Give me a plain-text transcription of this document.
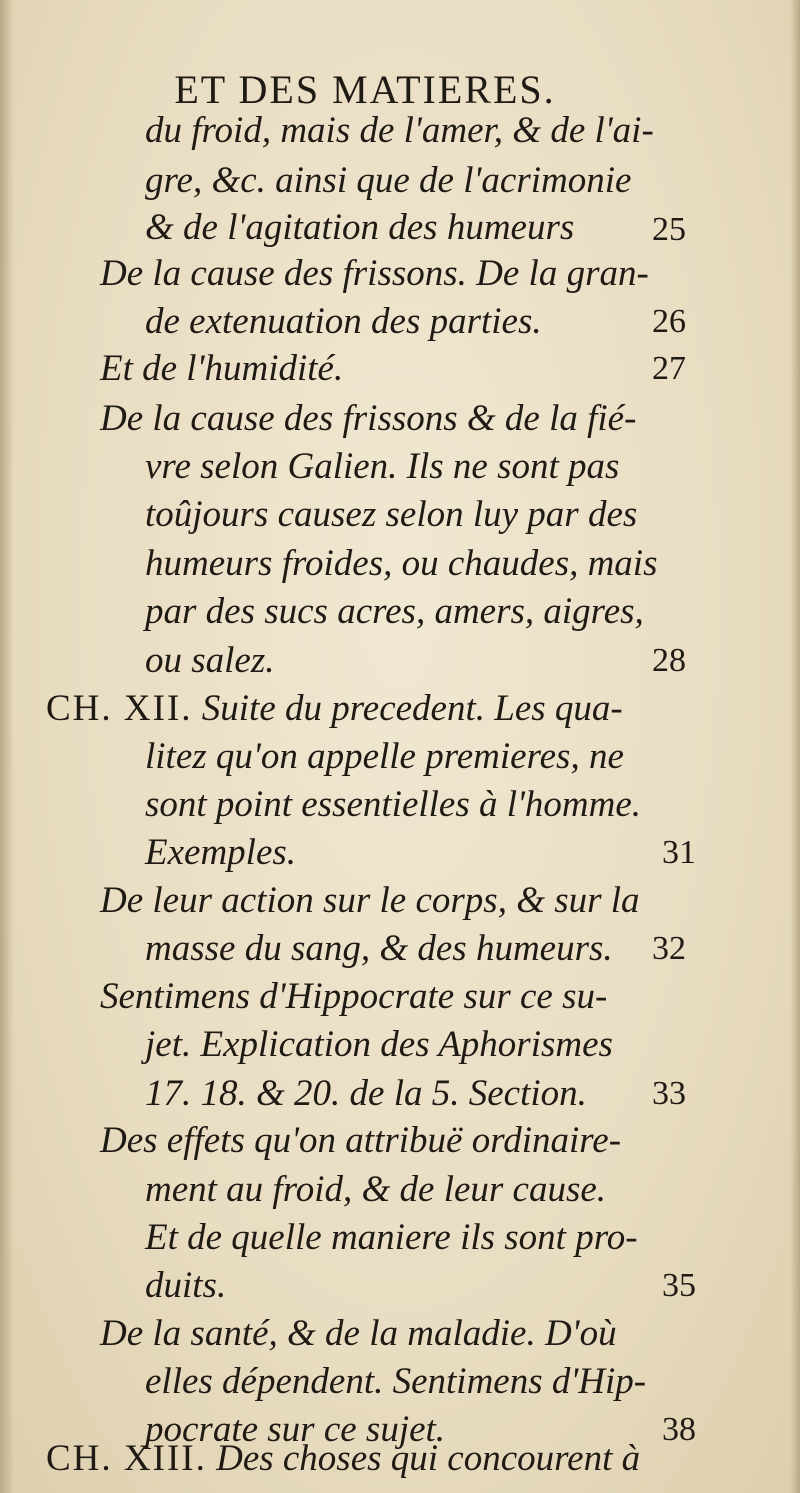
ET DES MATIERES.
du froid, mais de l'amer, & de l'ai-
gre, &c. ainsi que de l'acrimonie
& de l'agitation des humeurs 25
De la cause des frissons. De la gran-
de extenuation des parties.	26
Et de l'humidité.	27
De la cause des frissons & de la fié-
vre selon Galien. Ils ne sont pas
toûjours causez selon luy par des
humeurs froides, ou chaudes, mais
par des sucs acres, amers, aigres,
ou salez.	28
CH. XII. Suite du precedent. Les qua-
litez qu'on appelle premieres, ne
sont point essentielles à l'homme.
Exemples.	31
De leur action sur le corps, & sur la
masse du sang, & des humeurs. 32
Sentimens d'Hippocrate sur ce su-
jet. Explication des Aphorismes
17. 18. & 20. de la 5. Section. 33
Des effets qu'on attribuë ordinaire-
ment au froid, & de leur cause.
Et de quelle maniere ils sont pro-
duits.	35
De la santé, & de la maladie. D'où
elles dépendent. Sentimens d'Hip-
pocrate sur ce sujet.	38
CH. XIII. Des choses qui concourent à
